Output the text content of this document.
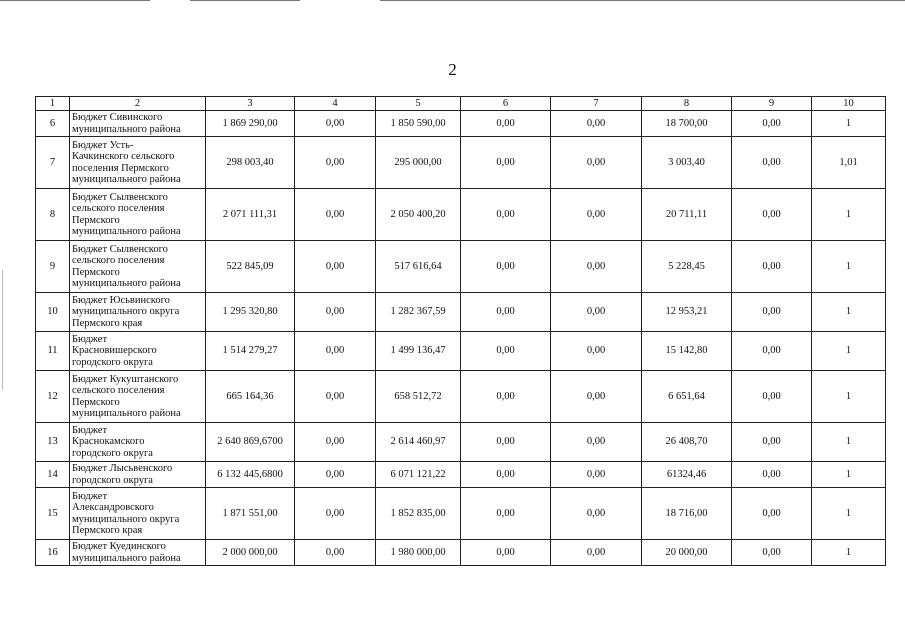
2
1	2	3	4	5	6	7	8	9	10
6	Бюджет Сивинского
муниципального района	1 869 290,00	0,00	1 850 590,00	0,00	0,00	18 700,00	0,00	1
7	Бюджет Усть-
Качкинского сельского
поселения Пермского
муниципального района	298 003,40	0,00	295 000,00	0,00	0,00	3 003,40	0,00	1,01
8	Бюджет Сылвенского
сельского поселения
Пермского
муниципального района	2 071 111,31	0,00	2 050 400,20	0,00	0,00	20 711,11	0,00	1
9	Бюджет Сылвенского
сельского поселения
Пермского
муниципального района	522 845,09	0,00	517 616,64	0,00	0,00	5 228,45	0,00	1
10	Бюджет Юсьвинского
муниципального округа
Пермского края	1 295 320,80	0,00	1 282 367,59	0,00	0,00	12 953,21	0,00	1
11	Бюджет
Красновишерского
городского округа	1 514 279,27	0,00	1 499 136,47	0,00	0,00	15 142,80	0,00	1
12	Бюджет Кукуштанского
сельского поселения
Пермского
муниципального района	665 164,36	0,00	658 512,72	0,00	0,00	6 651,64	0,00	1
13	Бюджет
Краснокамского
городского округа	2 640 869,6700	0,00	2 614 460,97	0,00	0,00	26 408,70	0,00	1
14	Бюджет Лысьвенского
городского округа	6 132 445,6800	0,00	6 071 121,22	0,00	0,00	61324,46	0,00	1
15	Бюджет
Александровского
муниципального округа
Пермского края	1 871 551,00	0,00	1 852 835,00	0,00	0,00	18 716,00	0,00	1
16	Бюджет Куединского
муниципального района	2 000 000,00	0,00	1 980 000,00	0,00	0,00	20 000,00	0,00	1
